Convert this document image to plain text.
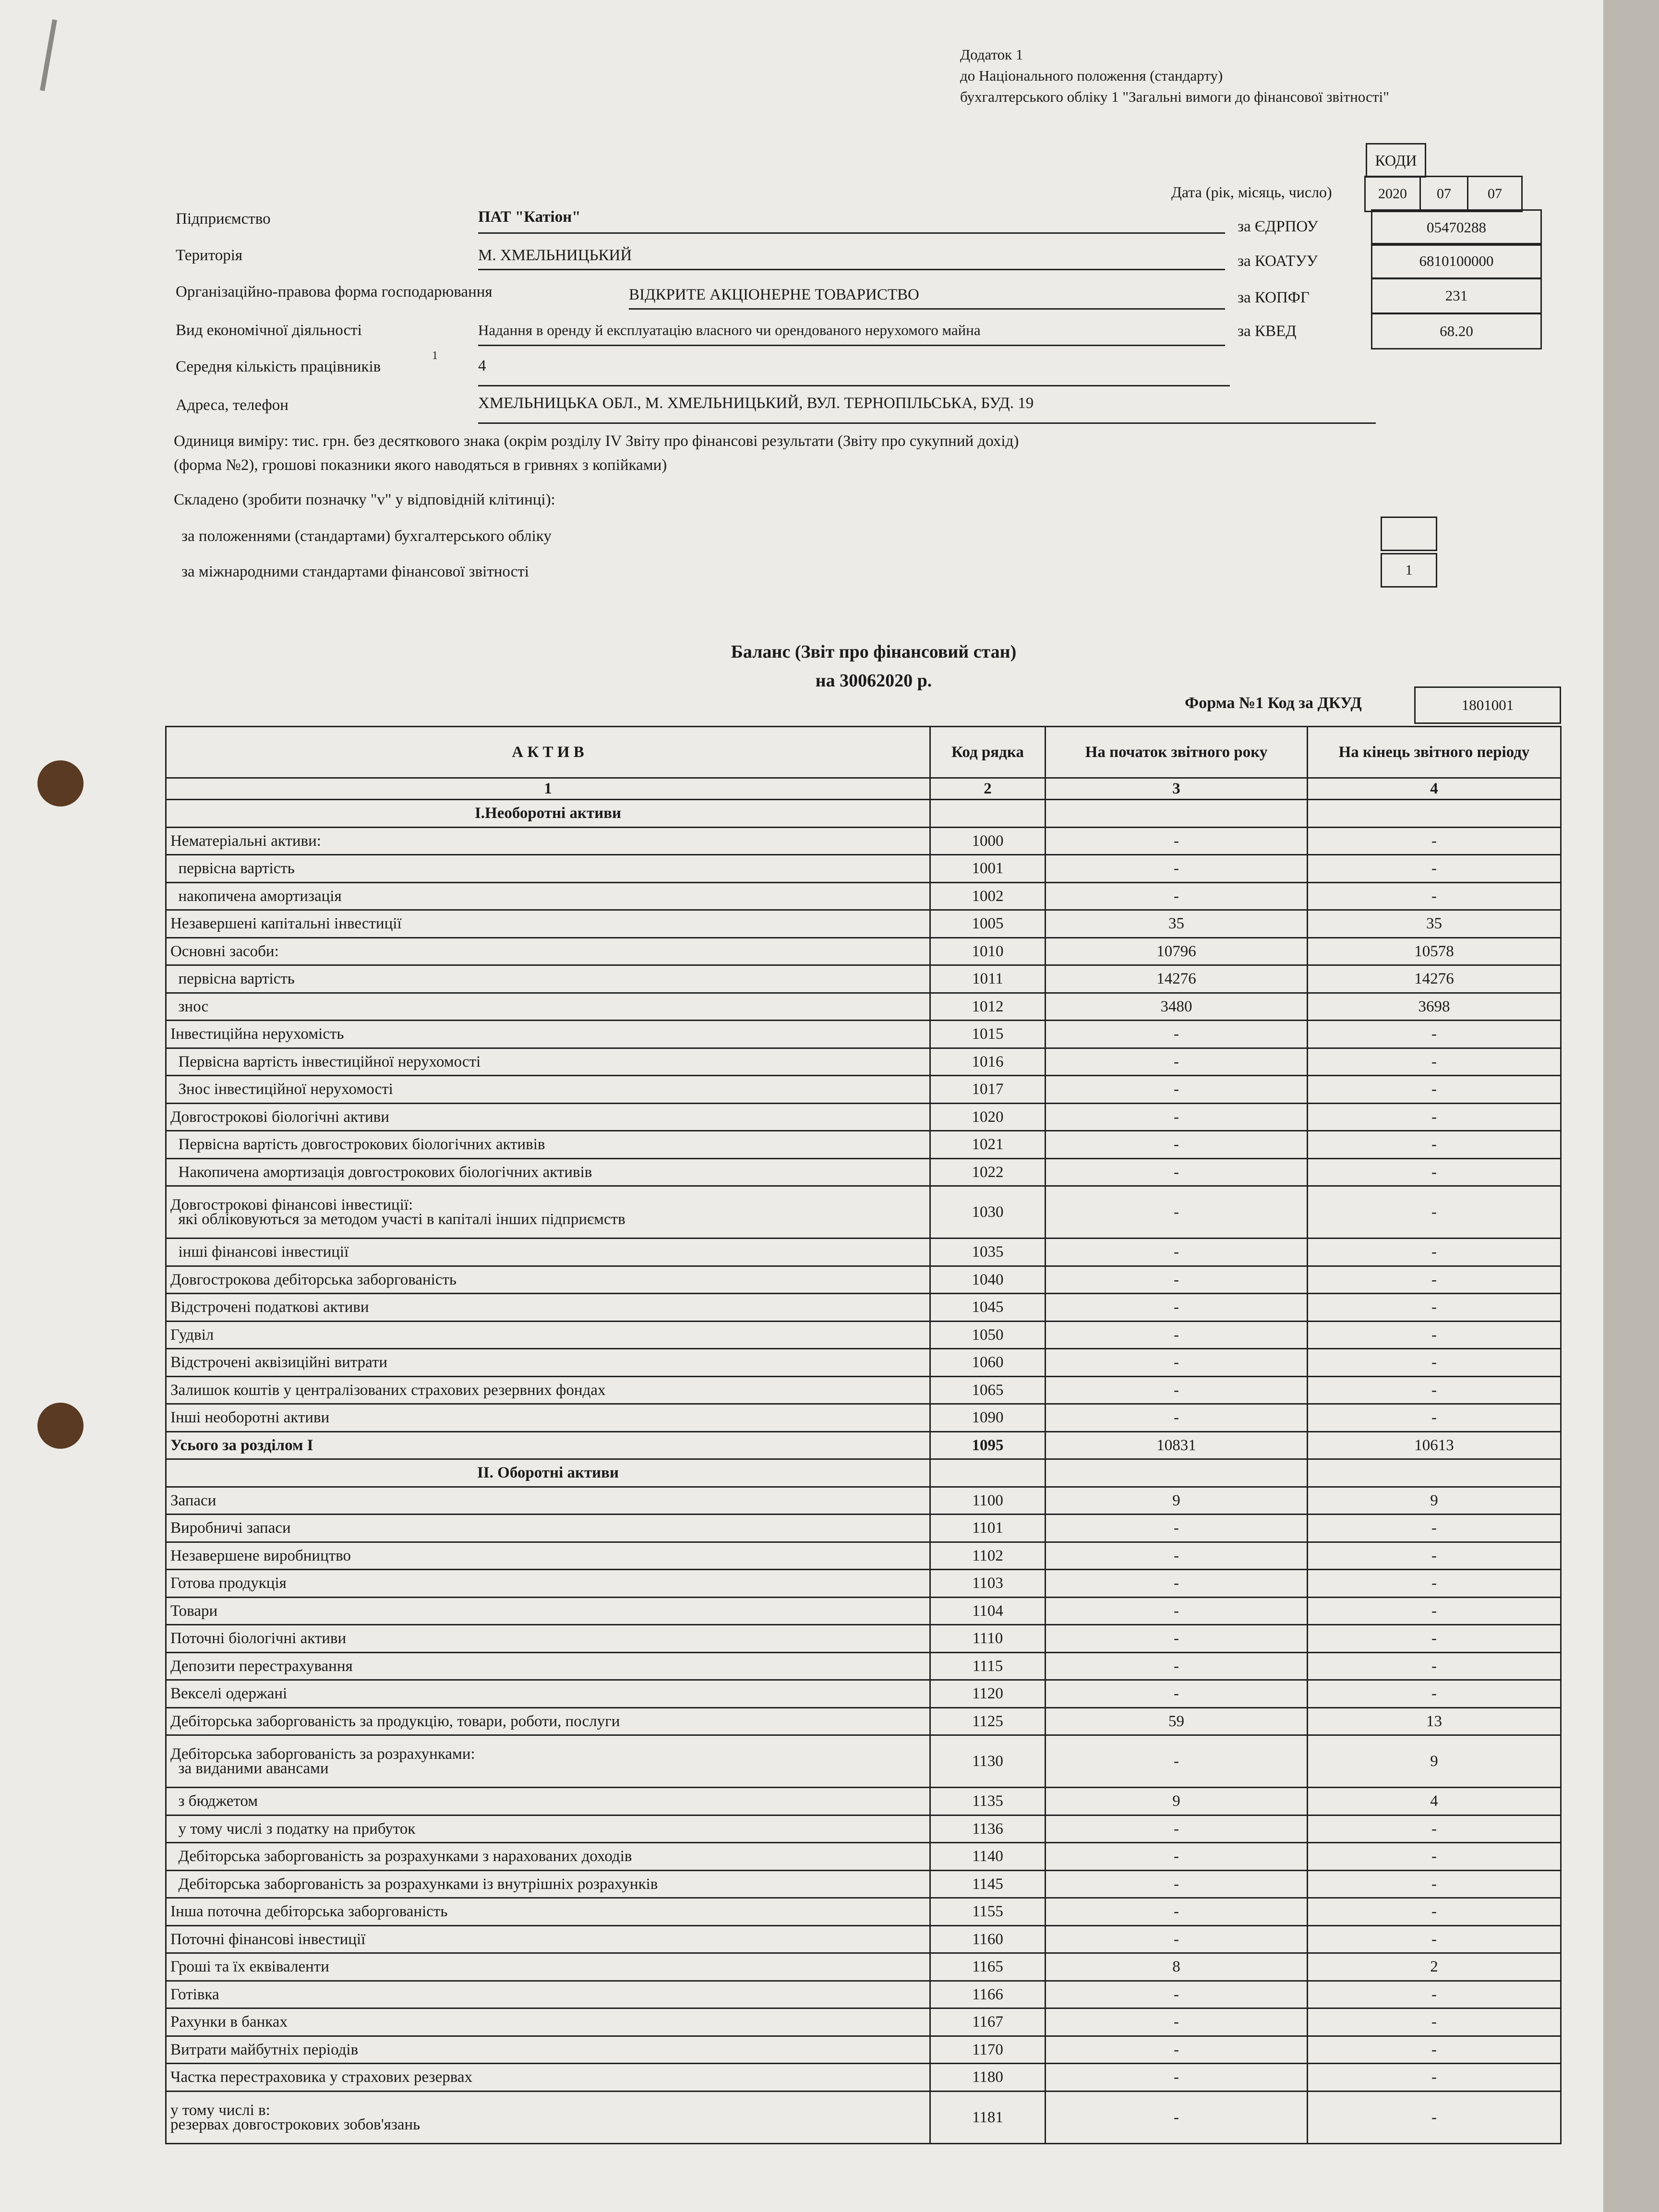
Додаток 1
до Національного положення (стандарту)
бухгалтерського обліку 1 "Загальні вимоги до фінансової звітності"
КОДИ
Дата (рік, місяць, число)	2020	07	07
Підприємство	ПАТ "Катіон"
за ЄДРПОУ	05470288
Територія	М. ХМЕЛЬНИЦЬКИЙ	за КОАТУУ	6810100000
Організаційно-правова форма господарювання	ВІДКРИТЕ АКЦІОНЕРНЕ ТОВАРИСТВО	за КОПФГ	231
Вид економічної діяльності	Надання в оренду й експлуатацію власного чи орендованого нерухомого майна	за КВЕД	68.20
Середня кількість працівників
1
4
Адреса, телефон	ХМЕЛЬНИЦЬКА ОБЛ., М. ХМЕЛЬНИЦЬКИЙ, ВУЛ. ТЕРНОПІЛЬСЬКА, БУД. 19
Одиниця виміру: тис. грн. без десяткового знака (окрім розділу IV Звіту про фінансові результати (Звіту про сукупний дохід)
(форма №2), грошові показники якого наводяться в гривнях з копійками)
Складено (зробити позначку "v" у відповідній клітинці):
за положеннями (стандартами) бухгалтерського обліку
за міжнародними стандартами фінансової звітності	1
Баланс (Звіт про фінансовий стан)
на 30062020 р.
Форма №1 Код за ДКУД	1801001
А К Т И В	Код рядка	На початок звітного року	На кінець звітного періоду
1	2	3	4
I.Необоротні активи			
Нематеріальні активи:	1000	-	-
первісна вартість	1001	-	-
накопичена амортизація	1002	-	-
Незавершені капітальні інвестиції	1005	35	35
Основні засоби:	1010	10796	10578
первісна вартість	1011	14276	14276
знос	1012	3480	3698
Інвестиційна нерухомість	1015	-	-
Первісна вартість інвестиційної нерухомості	1016	-	-
Знос інвестиційної нерухомості	1017	-	-
Довгострокові біологічні активи	1020	-	-
Первісна вартість довгострокових біологічних активів	1021	-	-
Накопичена амортизація довгострокових біологічних активів	1022	-	-

Довгострокові фінансові інвестиції:
які обліковуються за методом участі в капіталі інших підприємств	1030	-	-
інші фінансові інвестиції	1035	-	-
Довгострокова дебіторська заборгованість	1040	-	-
Відстрочені податкові активи	1045	-	-
Гудвіл	1050	-	-
Відстрочені аквізиційні витрати	1060	-	-
Залишок коштів у централізованих страхових резервних фондах	1065	-	-
Інші необоротні активи	1090	-	-
Усього за розділом I	1095	10831	10613
II. Оборотні активи			
Запаси	1100	9	9
Виробничі запаси	1101	-	-
Незавершене виробництво	1102	-	-
Готова продукція	1103	-	-
Товари	1104	-	-
Поточні біологічні активи	1110	-	-
Депозити перестрахування	1115	-	-
Векселі одержані	1120	-	-
Дебіторська заборгованість за продукцію, товари, роботи, послуги	1125	59	13

Дебіторська заборгованість за розрахунками:
за виданими авансами	1130	-	9
з бюджетом	1135	9	4
у тому числі з податку на прибуток	1136	-	-
Дебіторська заборгованість за розрахунками з нарахованих доходів	1140	-	-
Дебіторська заборгованість за розрахунками із внутрішніх розрахунків	1145	-	-
Інша поточна дебіторська заборгованість	1155	-	-
Поточні фінансові інвестиції	1160	-	-
Гроші та їх еквіваленти	1165	8	2
Готівка	1166	-	-
Рахунки в банках	1167	-	-
Витрати майбутніх періодів	1170	-	-
Частка перестраховика у страхових резервах	1180	-	-

у тому числі в:
резервах довгострокових зобов'язань	1181	-	-
